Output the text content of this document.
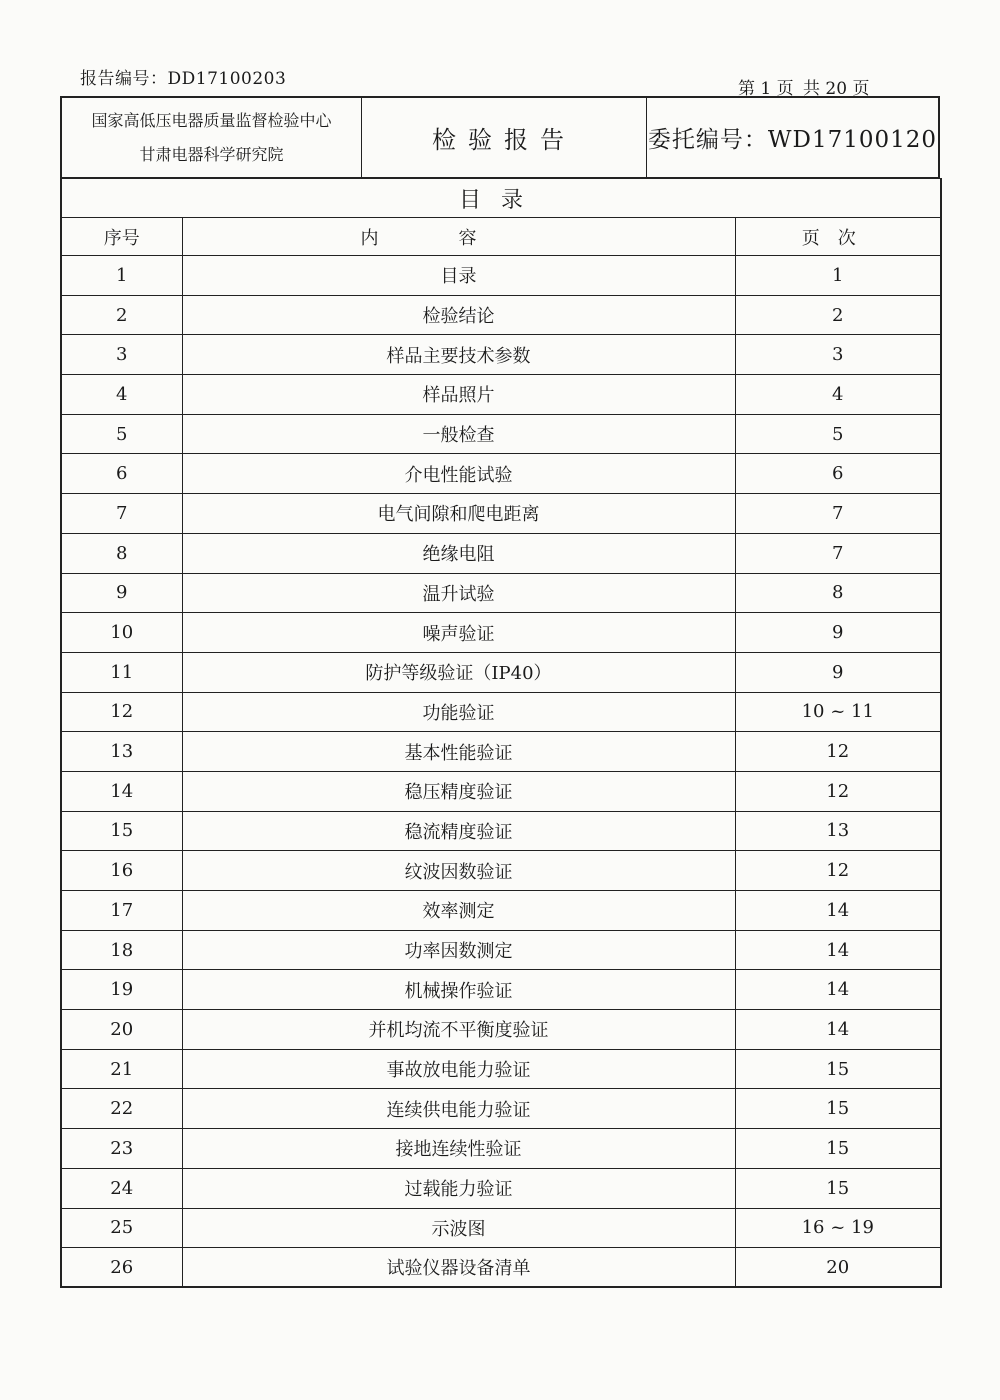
报告编号：DD17100203	第 1 页 共 20 页
国家高低压电器质量监督检验中心
甘肃电器科学研究院	检验报告	委托编号：WD17100120
目录		
序号	内容	页次
1	目录	1
2	检验结论	2
3	样品主要技术参数	3
4	样品照片	4
5	一般检查	5
6	介电性能试验	6
7	电气间隙和爬电距离	7
8	绝缘电阻	7
9	温升试验	8
10	噪声验证	9
11	防护等级验证（IP40）	9
12	功能验证	10 ~ 11
13	基本性能验证	12
14	稳压精度验证	12
15	稳流精度验证	13
16	纹波因数验证	12
17	效率测定	14
18	功率因数测定	14
19	机械操作验证	14
20	并机均流不平衡度验证	14
21	事故放电能力验证	15
22	连续供电能力验证	15
23	接地连续性验证	15
24	过载能力验证	15
25	示波图	16 ~ 19
26	试验仪器设备清单	20
